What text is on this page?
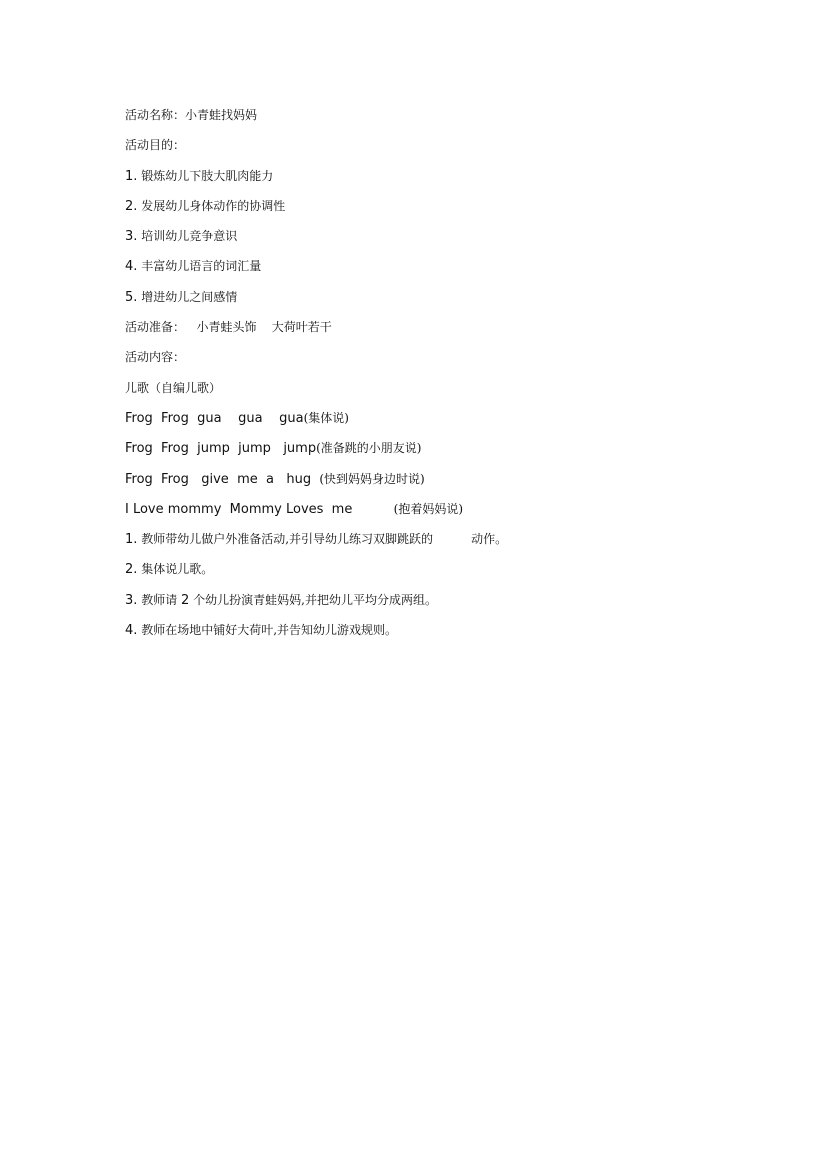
活动名称：小青蛙找妈妈
活动目的：
1. 锻炼幼儿下肢大肌肉能力
2. 发展幼儿身体动作的协调性
3. 培训幼儿竞争意识
4. 丰富幼儿语言的词汇量
5. 增进幼儿之间感情
活动准备：   小青蛙头饰    大荷叶若干
活动内容：
儿歌（自编儿歌）
Frog  Frog  gua    gua    gua(集体说)
Frog  Frog  jump  jump   jump(准备跳的小朋友说)
Frog  Frog   give  me  a   hug  (快到妈妈身边时说)
I Love mommy  Mommy Loves  me          (抱着妈妈说)
1. 教师带幼儿做户外准备活动,并引导幼儿练习双脚跳跃的          动作。
2. 集体说儿歌。
3. 教师请 2 个幼儿扮演青蛙妈妈,并把幼儿平均分成两组。
4. 教师在场地中铺好大荷叶,并告知幼儿游戏规则。
